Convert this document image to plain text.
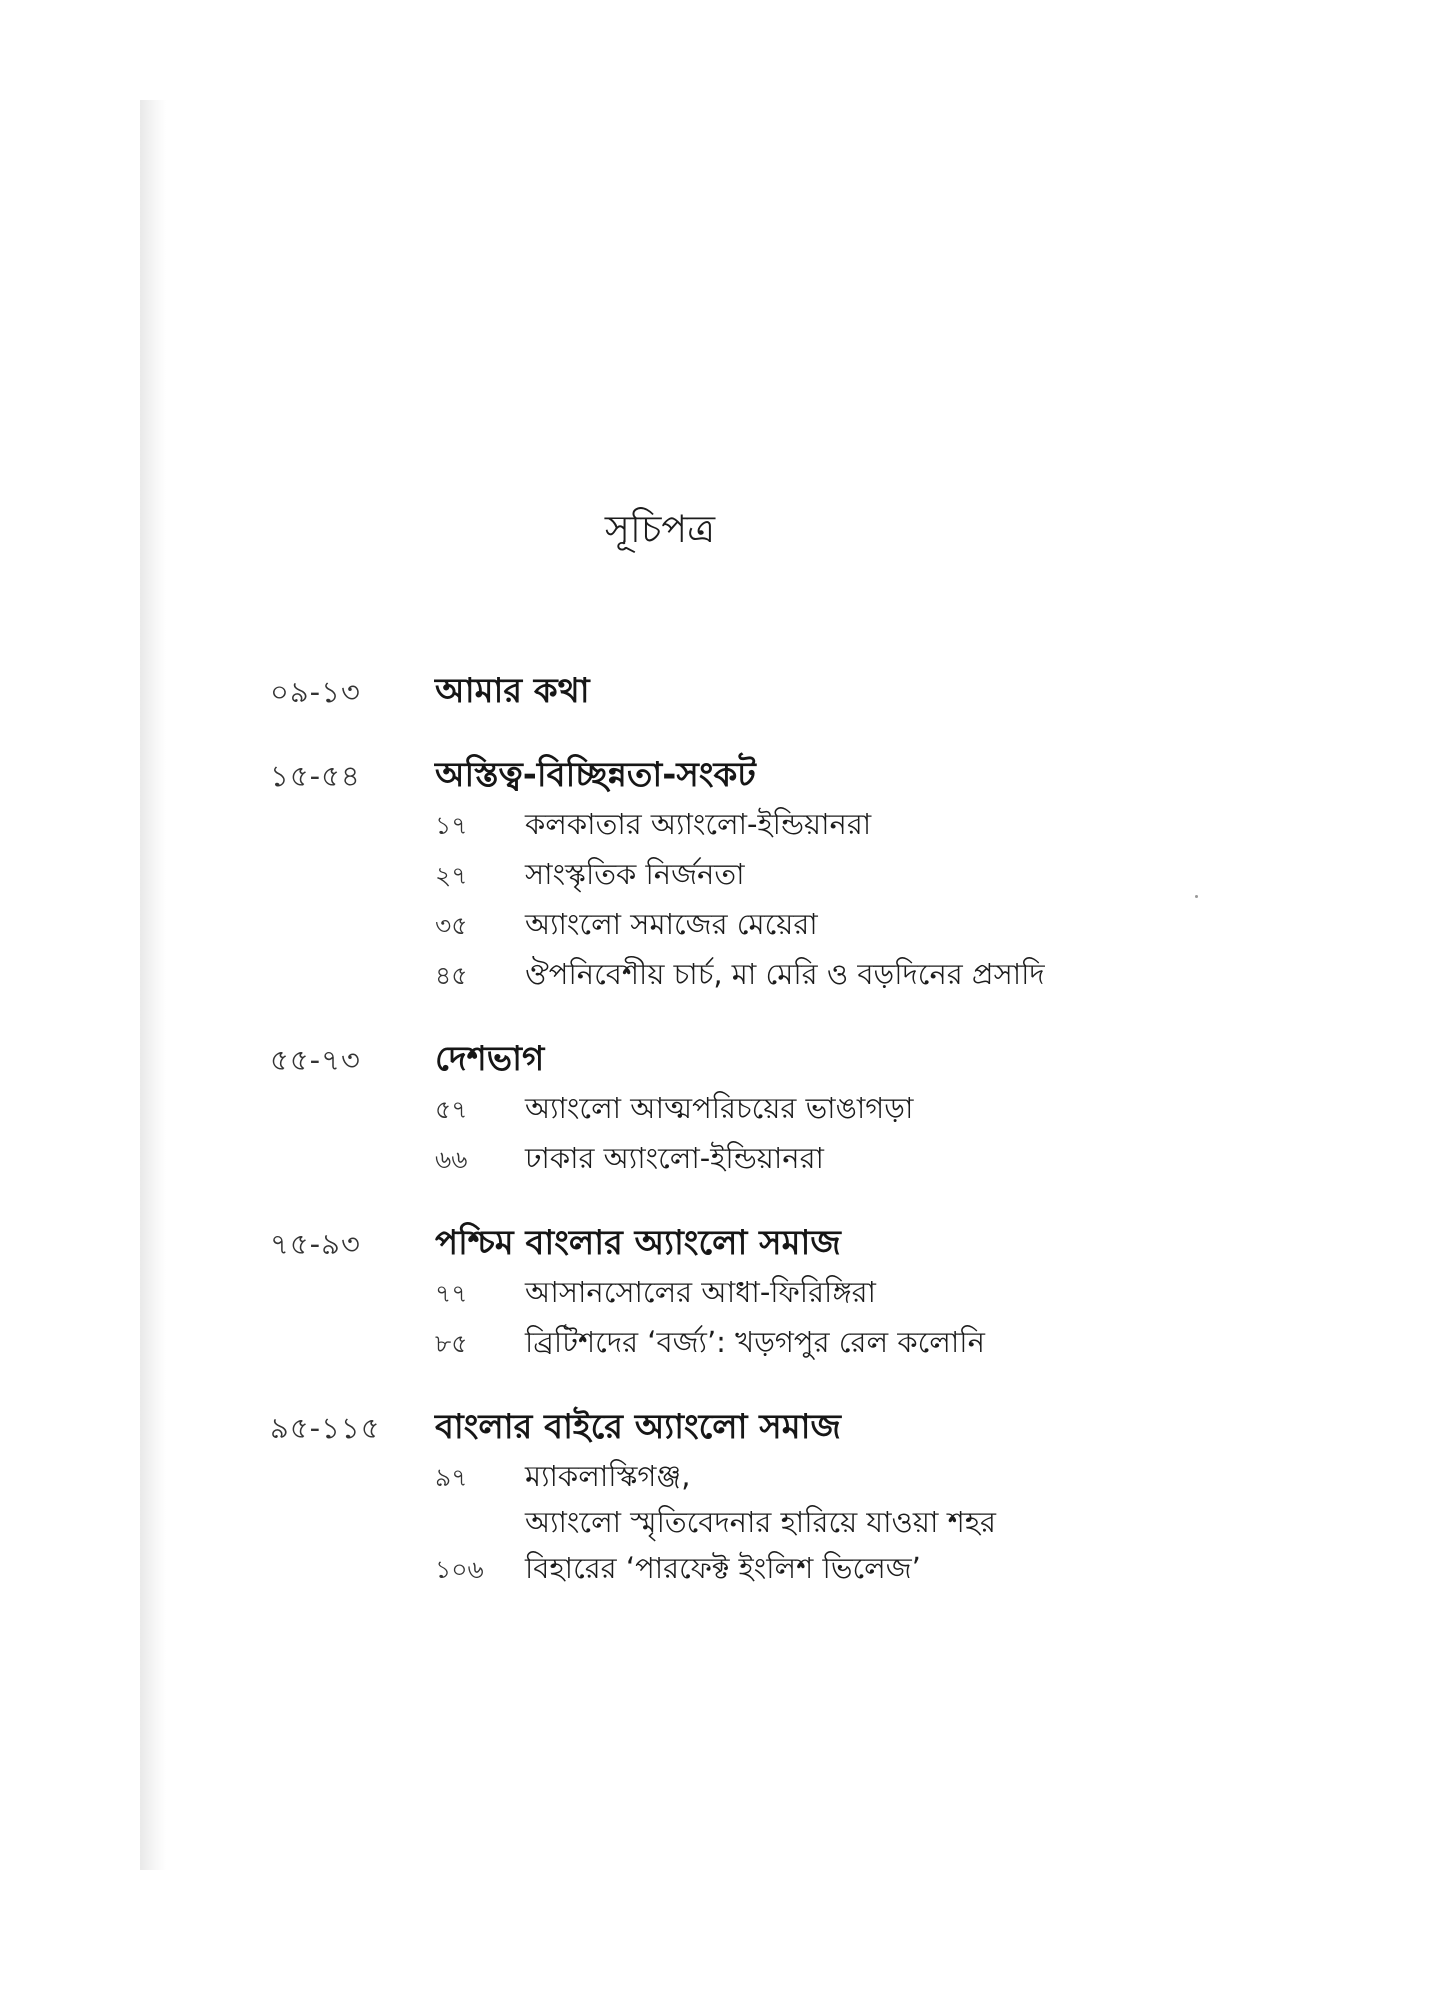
সূচিপত্র
০৯-১৩	আমার কথা
১৫-৫৪	অস্তিত্ব-বিচ্ছিন্নতা-সংকট
১৭	কলকাতার অ্যাংলো-ইন্ডিয়ানরা
২৭	সাংস্কৃতিক নির্জনতা
৩৫	অ্যাংলো সমাজের মেয়েরা
৪৫	ঔপনিবেশীয় চার্চ, মা মেরি ও বড়দিনের প্রসাদি
৫৫-৭৩	দেশভাগ
৫৭	অ্যাংলো আত্মপরিচয়ের ভাঙাগড়া
৬৬	ঢাকার অ্যাংলো-ইন্ডিয়ানরা
৭৫-৯৩	পশ্চিম বাংলার অ্যাংলো সমাজ
৭৭	আসানসোলের আধা-ফিরিঙ্গিরা
৮৫	ব্রিটিশদের ‘বর্জ্য’: খড়গপুর রেল কলোনি
৯৫-১১৫	বাংলার বাইরে অ্যাংলো সমাজ
৯৭	ম্যাকলাস্কিগঞ্জ,
অ্যাংলো স্মৃতিবেদনার হারিয়ে যাওয়া শহর
১০৬	বিহারের ‘পারফেক্ট ইংলিশ ভিলেজ’
